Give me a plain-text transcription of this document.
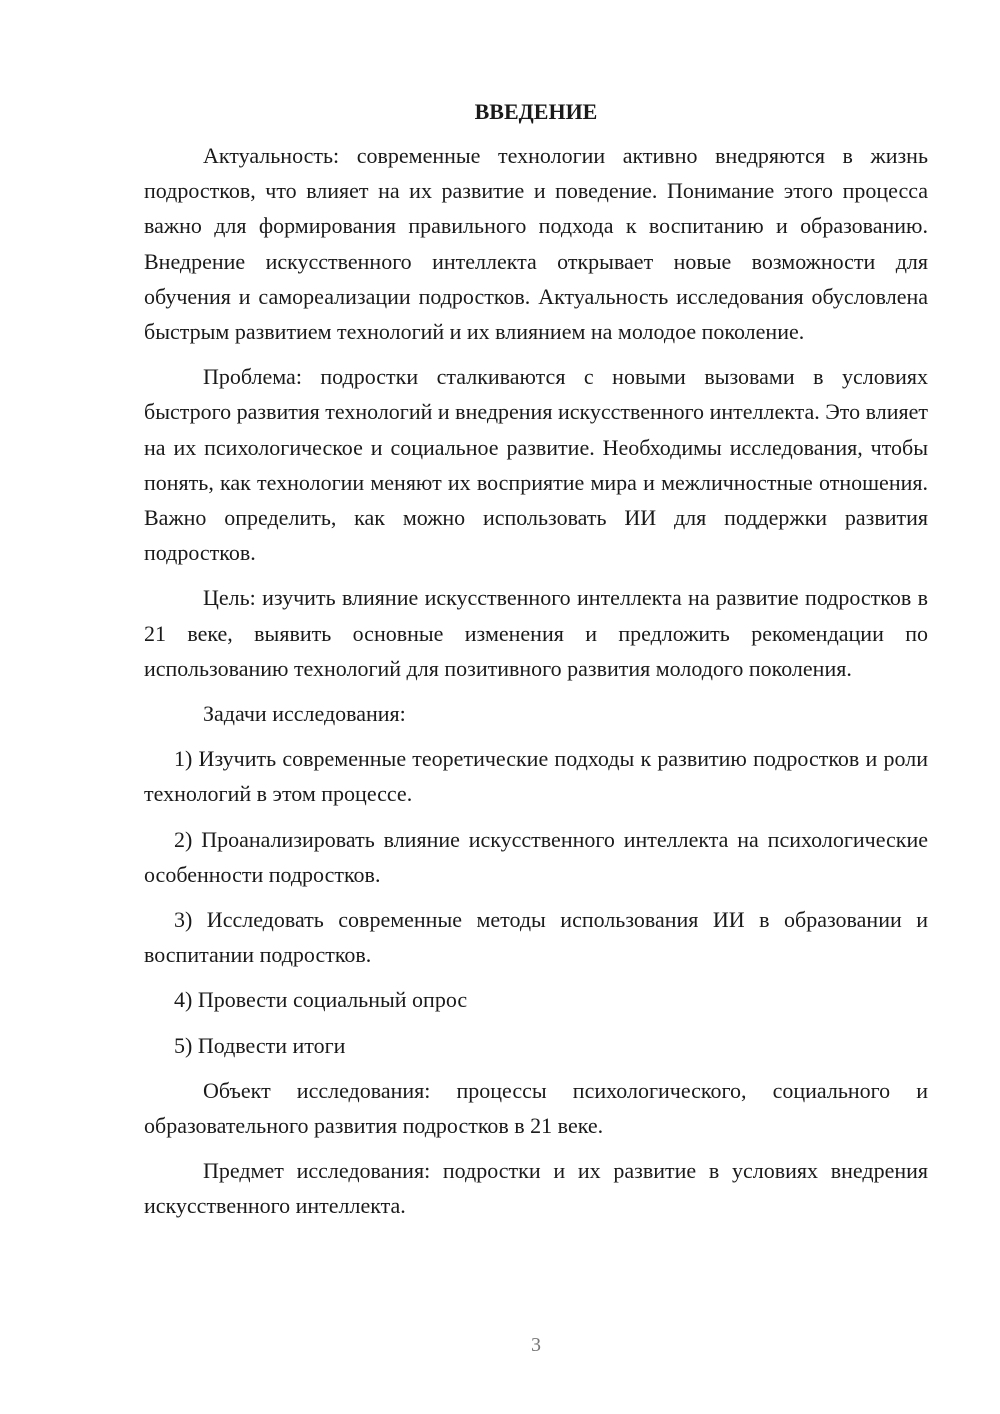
ВВЕДЕНИЕ

Актуальность: современные технологии активно внедряются в жизнь подростков, что влияет на их развитие и поведение. Понимание этого процесса важно для формирования правильного подхода к воспитанию и образованию. Внедрение искусственного интеллекта открывает новые возможности для обучения и самореализации подростков. Актуальность исследования обусловлена быстрым развитием технологий и их влиянием на молодое поколение.

Проблема: подростки сталкиваются с новыми вызовами в условиях быстрого развития технологий и внедрения искусственного интеллекта. Это влияет на их психологическое и социальное развитие. Необходимы исследования, чтобы понять, как технологии меняют их восприятие мира и межличностные отношения. Важно определить, как можно использовать ИИ для поддержки развития подростков.

Цель: изучить влияние искусственного интеллекта на развитие подростков в 21 веке, выявить основные изменения и предложить рекомендации по использованию технологий для позитивного развития молодого поколения.

Задачи исследования:

1) Изучить современные теоретические подходы к развитию подростков и роли технологий в этом процессе.

2) Проанализировать влияние искусственного интеллекта на психологические особенности подростков.

3) Исследовать современные методы использования ИИ в образовании и воспитании подростков.

4) Провести социальный опрос

5) Подвести итоги

Объект исследования: процессы психологического, социального и образовательного развития подростков в 21 веке.

Предмет исследования: подростки и их развитие в условиях внедрения искусственного интеллекта.

3
